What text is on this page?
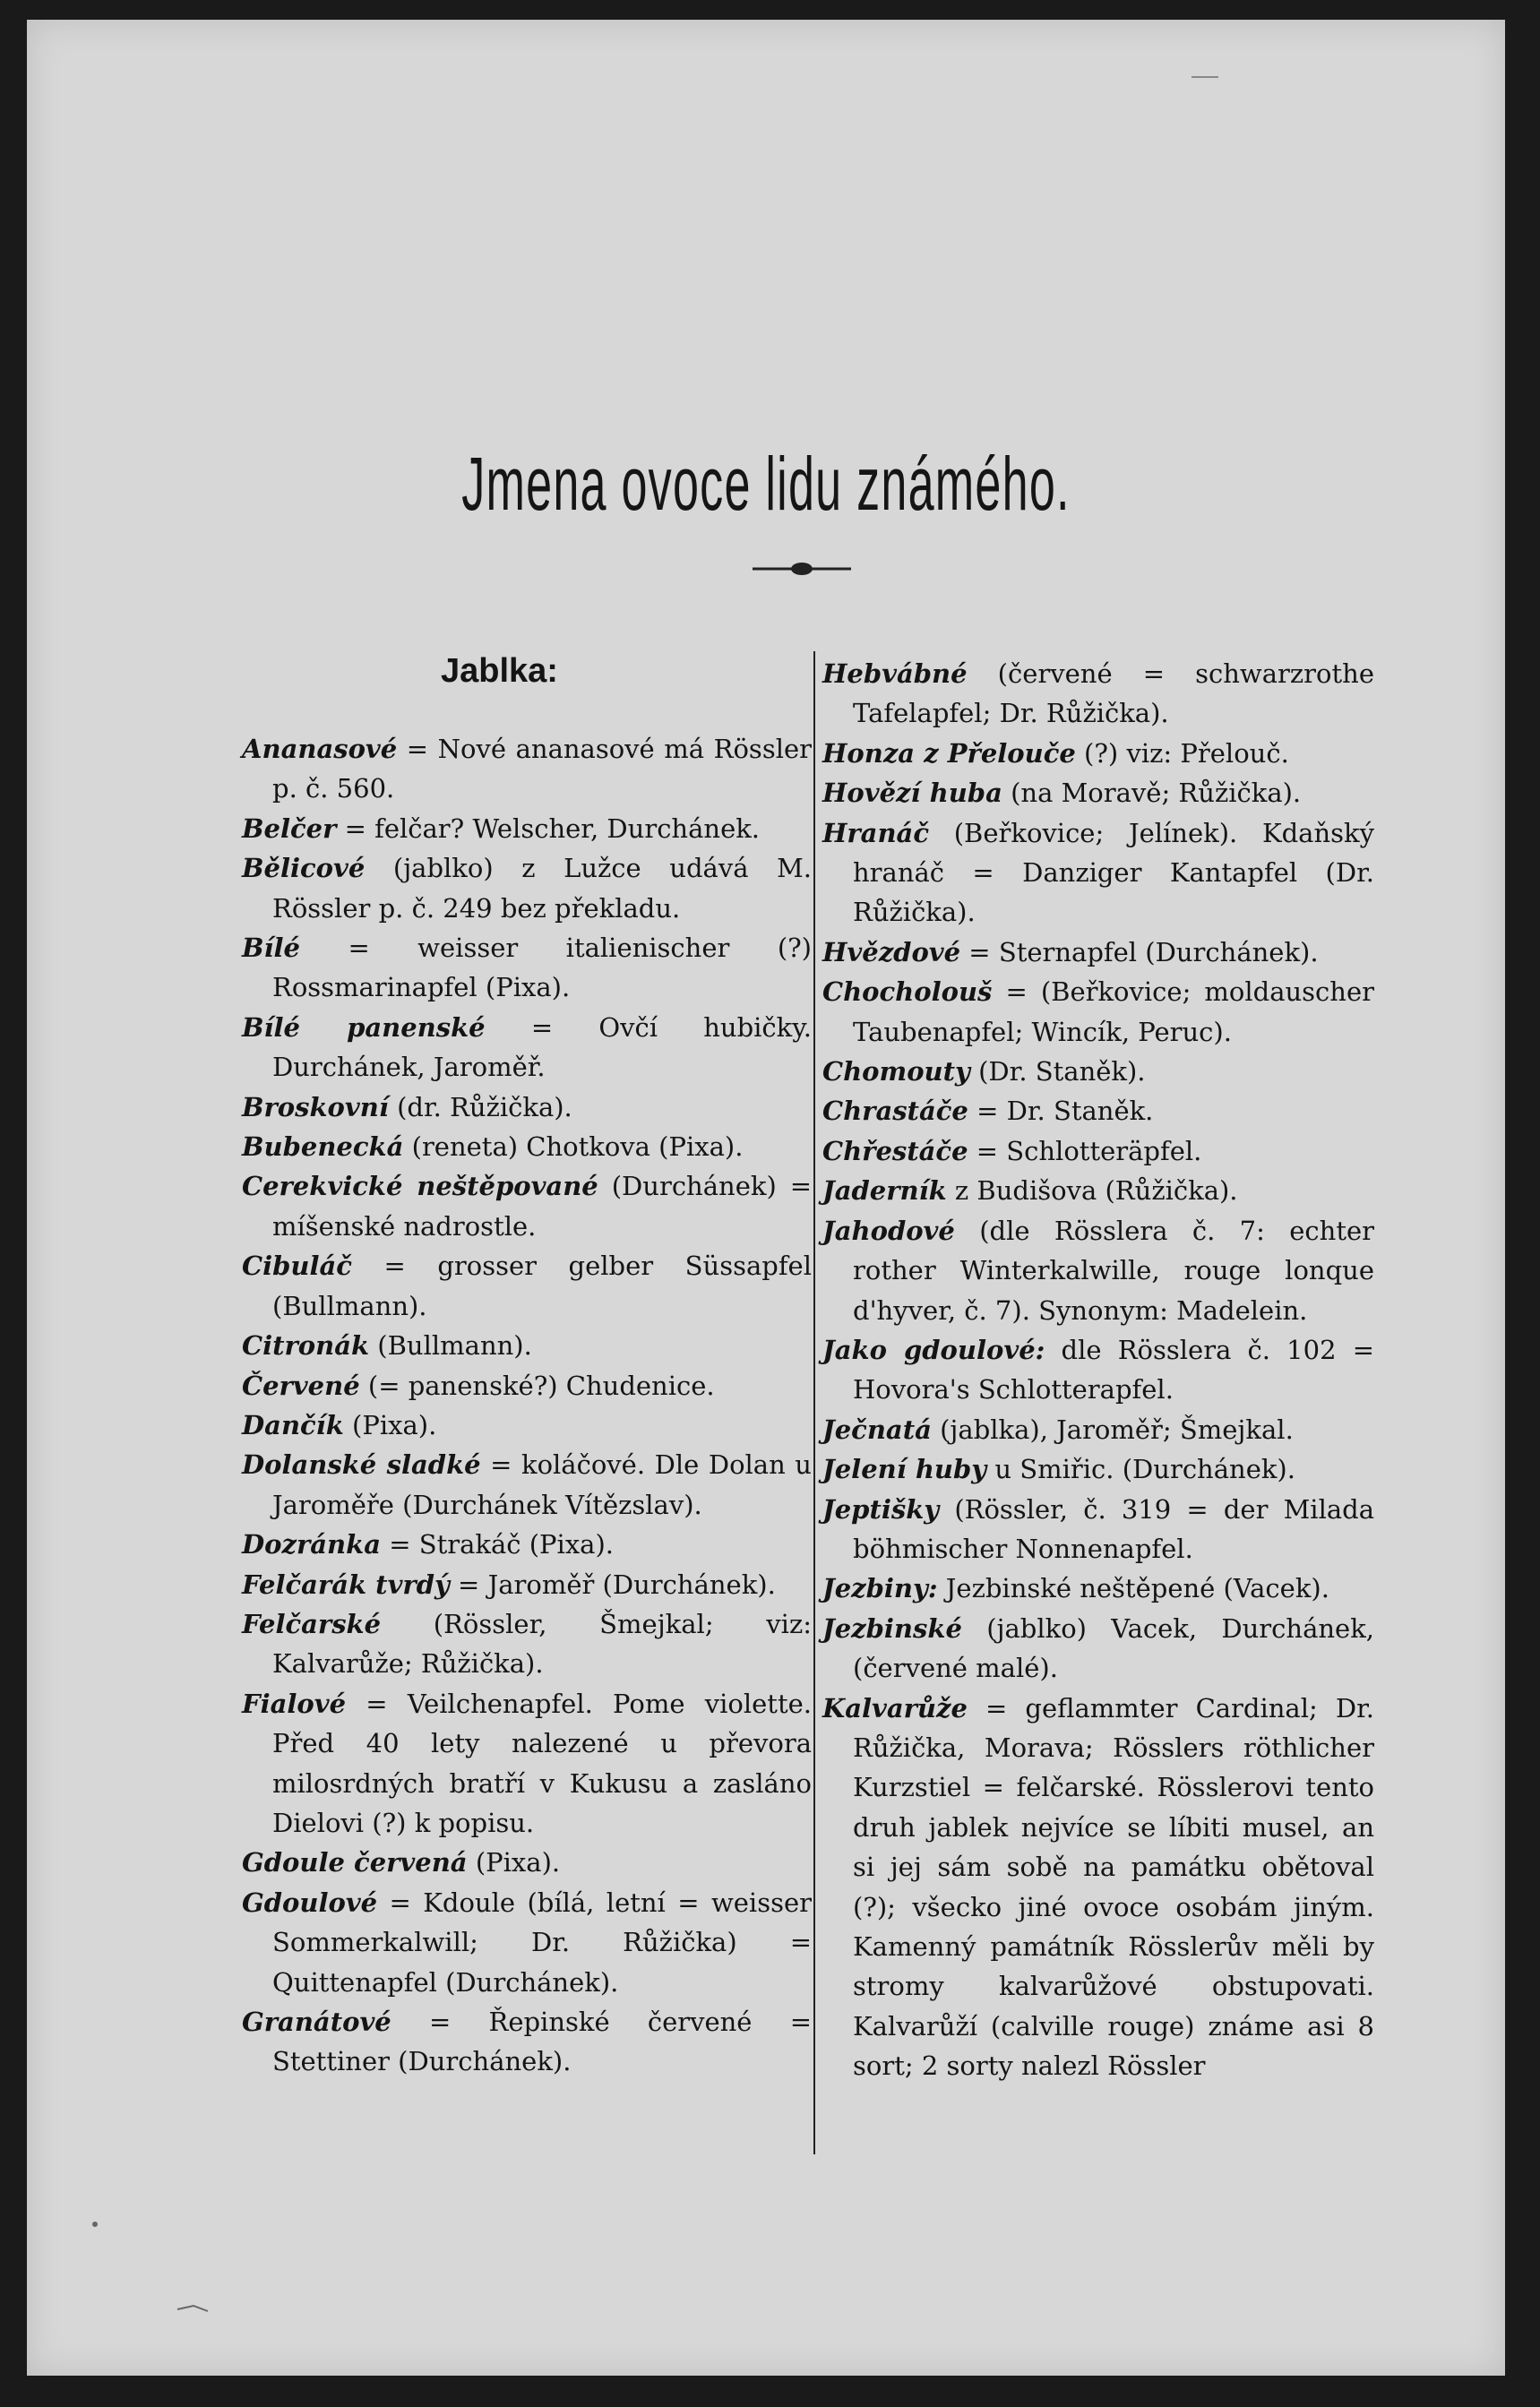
Jmena ovoce lidu známého.
Jablka:
Ananasové = Nové ananasové má Rössler p. č. 560.
Belčer = felčar? Welscher, Durchánek.
Bělicové (jablko) z Lužce udává M. Rössler p. č. 249 bez překladu.
Bílé = weisser italienischer (?) Rossmarinapfel (Pixa).
Bílé panenské = Ovčí hubičky. Durchánek, Jaroměř.
Broskovní (dr. Růžička).
Bubenecká (reneta) Chotkova (Pixa).
Cerekvické neštěpované (Durchánek) = míšenské nadrostle.
Cibuláč = grosser gelber Süssapfel (Bullmann).
Citronák (Bullmann).
Červené (= panenské?) Chudenice.
Dančík (Pixa).
Dolanské sladké = koláčové. Dle Dolan u Jaroměře (Durchánek Vítězslav).
Dozránka = Strakáč (Pixa).
Felčarák tvrdý = Jaroměř (Durchánek).
Felčarské (Rössler, Šmejkal; viz: Kalvarůže; Růžička).
Fialové = Veilchenapfel. Pome violette. Před 40 lety nalezené u převora milosrdných bratří v Kukusu a zasláno Dielovi (?) k popisu.
Gdoule červená (Pixa).
Gdoulové = Kdoule (bílá, letní = weisser Sommerkalwill; Dr. Růžička) = Quittenapfel (Durchánek).
Granátové = Řepinské červené = Stettiner (Durchánek).
Hebvábné (červené = schwarzrothe Tafelapfel; Dr. Růžička).
Honza z Přelouče (?) viz: Přelouč.
Hovězí huba (na Moravě; Růžička).
Hranáč (Beřkovice; Jelínek). Kdaňský hranáč = Danziger Kantapfel (Dr. Růžička).
Hvězdové = Sternapfel (Durchánek).
Chocholouš = (Beřkovice; moldauscher Taubenapfel; Wincík, Peruc).
Chomouty (Dr. Staněk).
Chrastáče = Dr. Staněk.
Chřestáče = Schlotteräpfel.
Jaderník z Budišova (Růžička).
Jahodové (dle Rösslera č. 7: echter rother Winterkalwille, rouge lonque d'hyver, č. 7). Synonym: Madelein.
Jako gdoulové: dle Rösslera č. 102 = Hovora's Schlotterapfel.
Ječnatá (jablka), Jaroměř; Šmejkal.
Jelení huby u Smiřic. (Durchánek).
Jeptišky (Rössler, č. 319 = der Milada böhmischer Nonnenapfel.
Jezbiny: Jezbinské neštěpené (Vacek).
Jezbinské (jablko) Vacek, Durchánek, (červené malé).
Kalvarůže = geflammter Cardinal; Dr. Růžička, Morava; Rösslers röthlicher Kurzstiel = felčarské. Rösslerovi tento druh jablek nejvíce se líbiti musel, an si jej sám sobě na památku obětoval (?); všecko jiné ovoce osobám jiným. Kamenný památník Rösslerův měli by stromy kalvarůžové obstupovati. Kalvarůží (calville rouge) známe asi 8 sort; 2 sorty nalezl Rössler
